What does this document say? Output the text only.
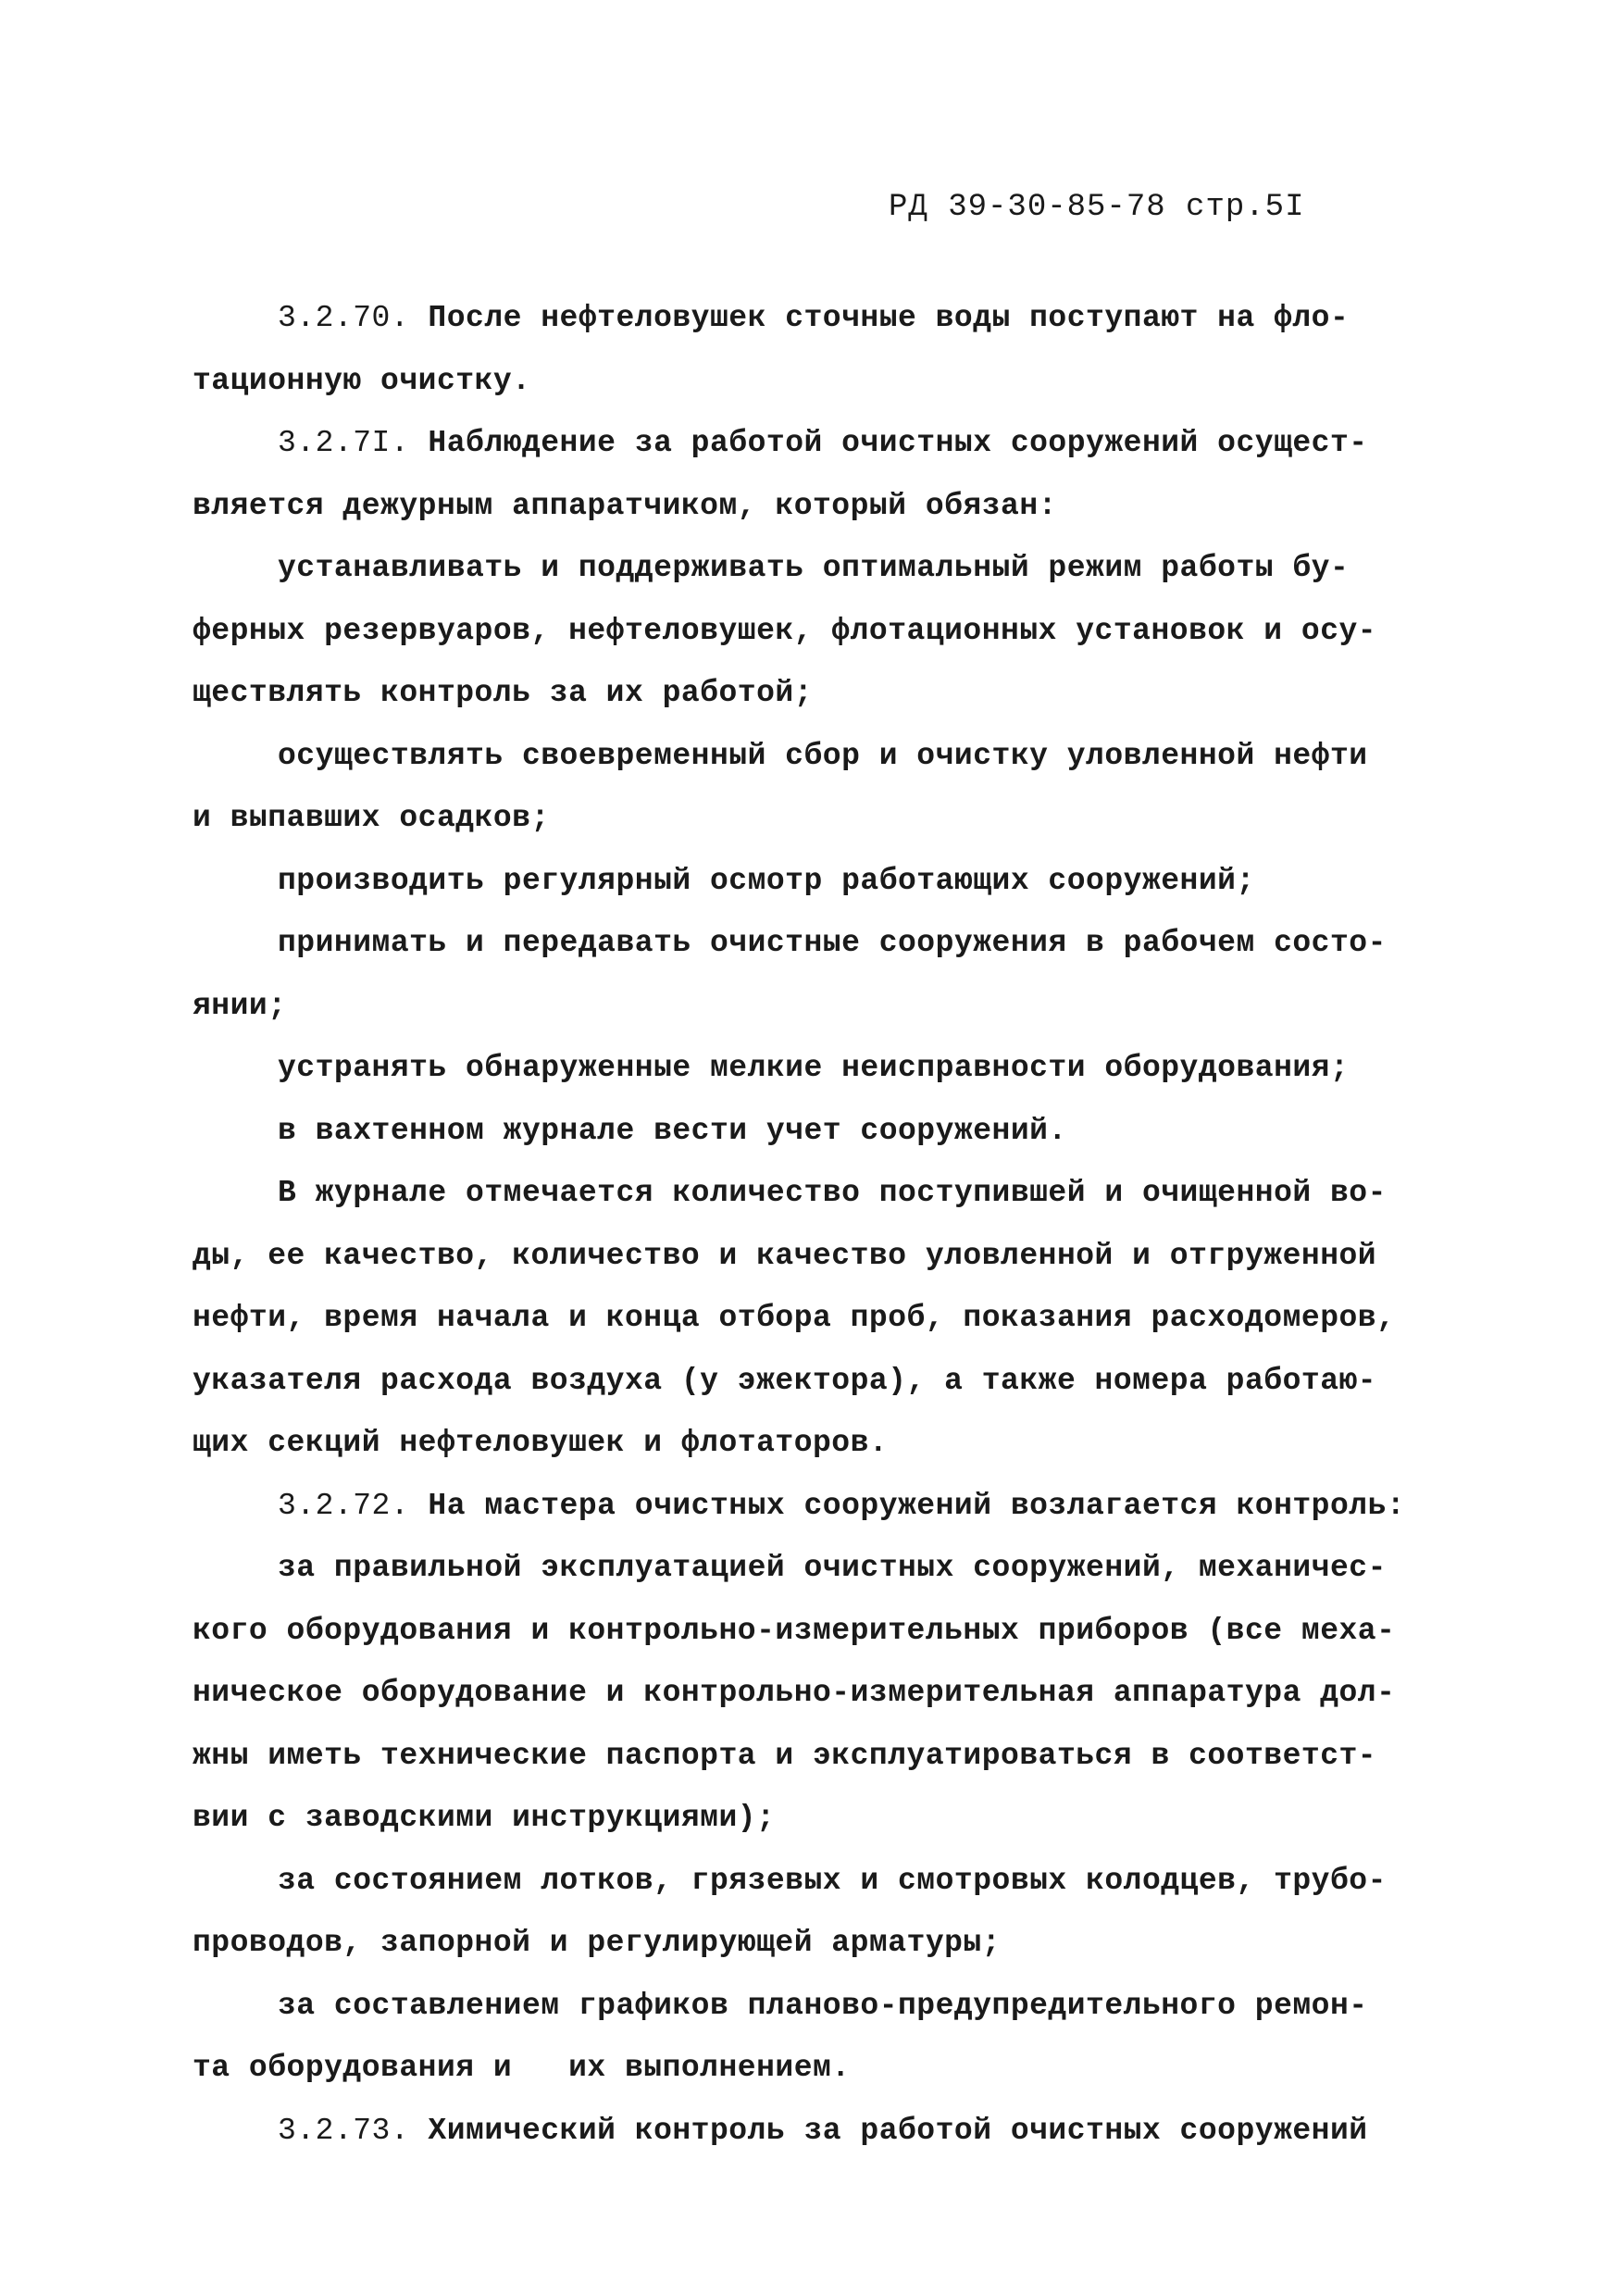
РД 39-30-85-78 стр.5I
3.2.70. После нефтеловушек сточные воды поступают на фло-
тационную очистку.
3.2.7I. Наблюдение за работой очистных сооружений осущест-
вляется дежурным аппаратчиком, который обязан:
устанавливать и поддерживать оптимальный режим работы бу-
ферных резервуаров, нефтеловушек, флотационных установок и осу-
ществлять контроль за их работой;
осуществлять своевременный сбор и очистку уловленной нефти
и выпавших осадков;
производить регулярный осмотр работающих сооружений;
принимать и передавать очистные сооружения в рабочем состо-
янии;
устранять обнаруженные мелкие неисправности оборудования;
в вахтенном журнале вести учет сооружений.
В журнале отмечается количество поступившей и очищенной во-
ды, ее качество, количество и качество уловленной и отгруженной
нефти, время начала и конца отбора проб, показания расходомеров,
указателя расхода воздуха (у эжектора), а также номера работаю-
щих секций нефтеловушек и флотаторов.
3.2.72. На мастера очистных сооружений возлагается контроль:
за правильной эксплуатацией очистных сооружений, механичес-
кого оборудования и контрольно-измерительных приборов (все меха-
ническое оборудование и контрольно-измерительная аппаратура дол-
жны иметь технические паспорта и эксплуатироваться в соответст-
вии с заводскими инструкциями);
за состоянием лотков, грязевых и смотровых колодцев, трубо-
проводов, запорной и регулирующей арматуры;
за составлением графиков планово-предупредительного ремон-
та оборудования и   их выполнением.
3.2.73. Химический контроль за работой очистных сооружений
